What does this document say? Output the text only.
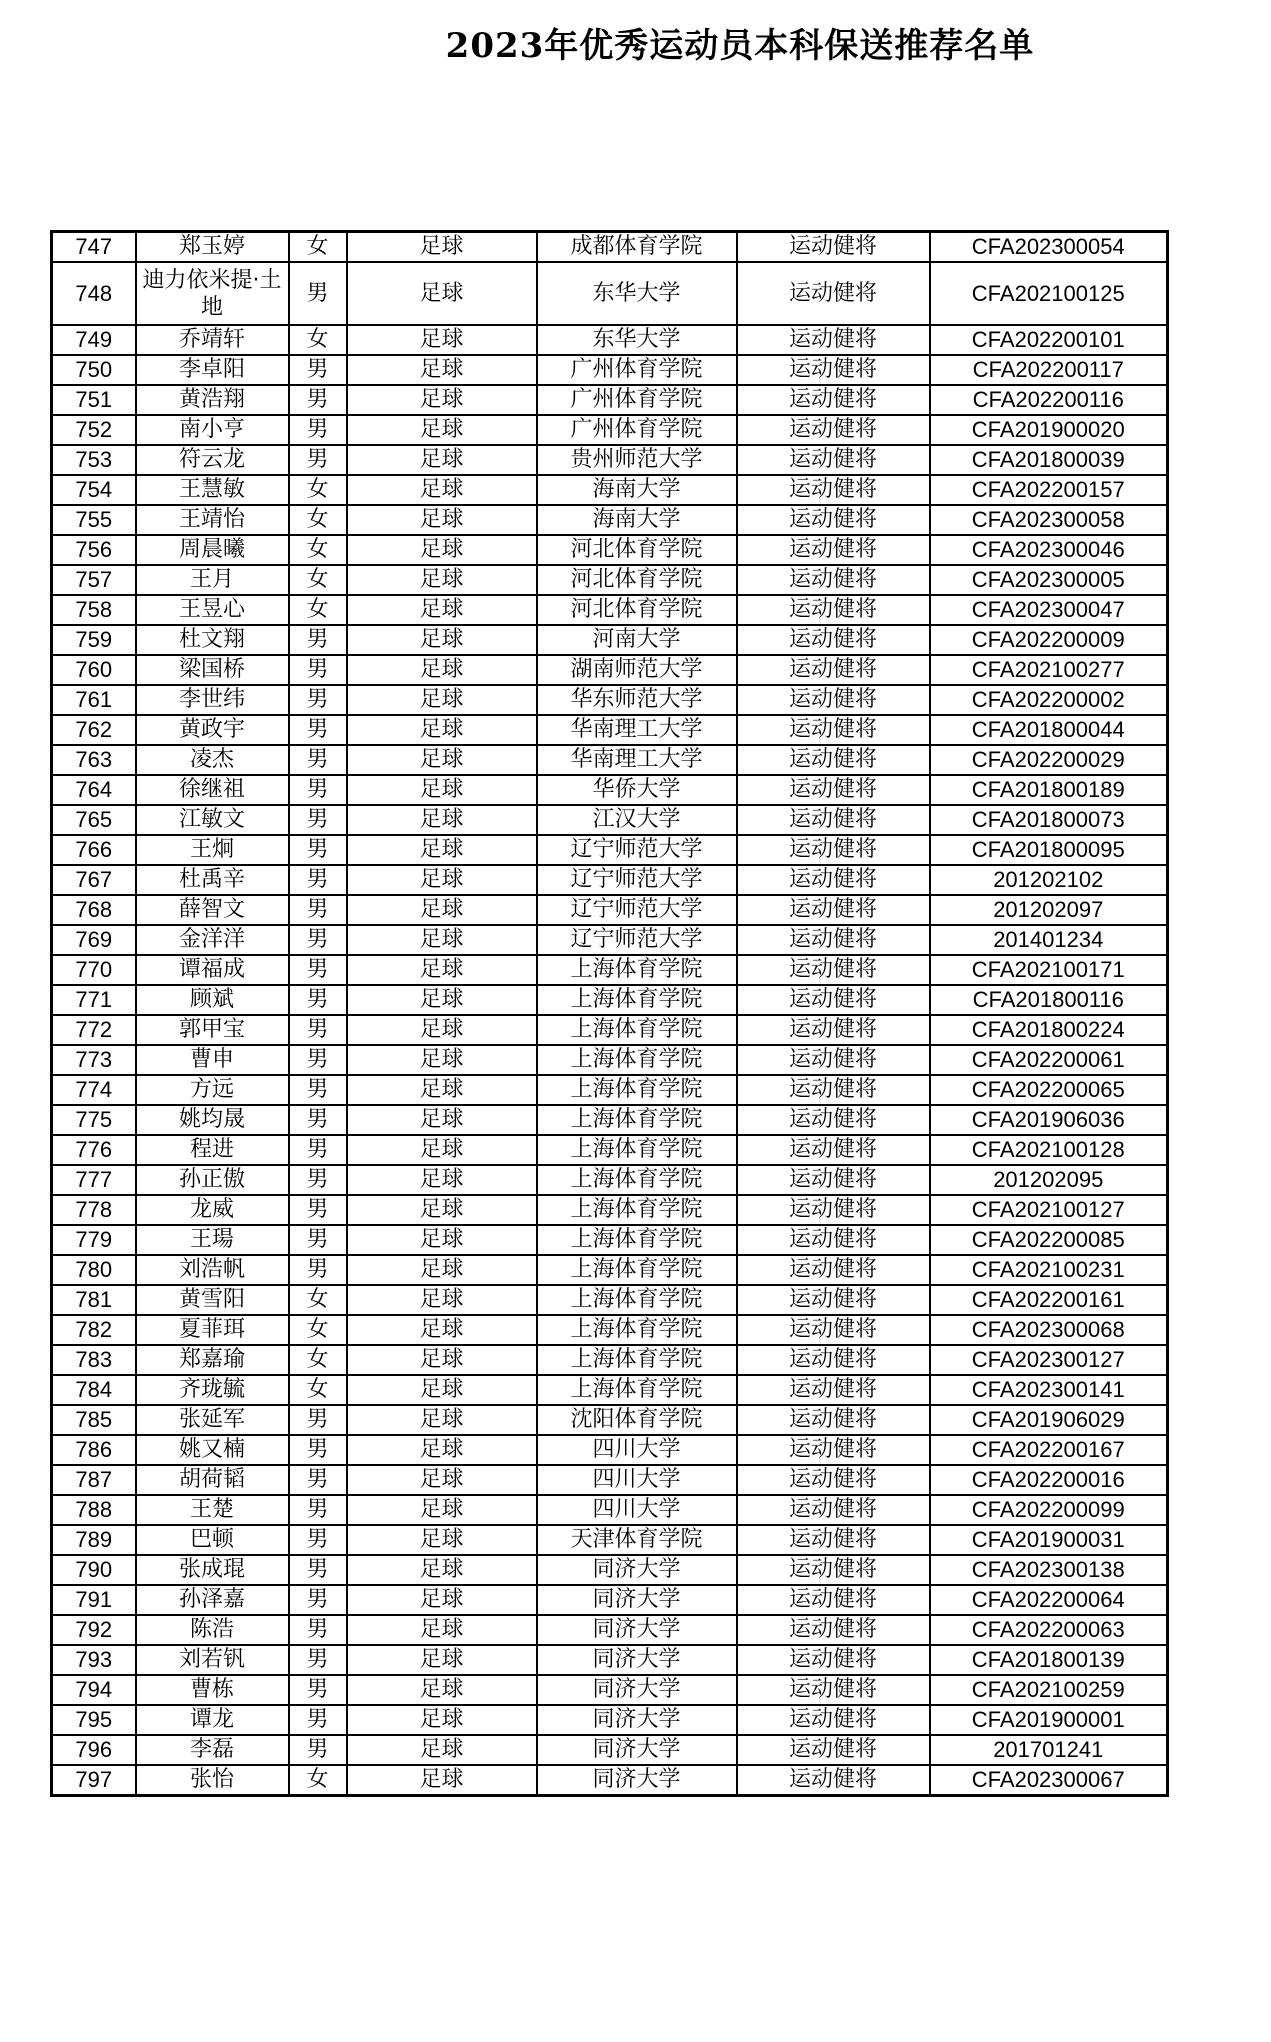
2023年优秀运动员本科保送推荐名单
747	郑玉婷	女	足球	成都体育学院	运动健将	CFA202300054
748	迪力依米提·土地	男	足球	东华大学	运动健将	CFA202100125
749	乔靖轩	女	足球	东华大学	运动健将	CFA202200101
750	李卓阳	男	足球	广州体育学院	运动健将	CFA202200117
751	黄浩翔	男	足球	广州体育学院	运动健将	CFA202200116
752	南小亨	男	足球	广州体育学院	运动健将	CFA201900020
753	符云龙	男	足球	贵州师范大学	运动健将	CFA201800039
754	王慧敏	女	足球	海南大学	运动健将	CFA202200157
755	王靖怡	女	足球	海南大学	运动健将	CFA202300058
756	周晨曦	女	足球	河北体育学院	运动健将	CFA202300046
757	王月	女	足球	河北体育学院	运动健将	CFA202300005
758	王昱心	女	足球	河北体育学院	运动健将	CFA202300047
759	杜文翔	男	足球	河南大学	运动健将	CFA202200009
760	梁国桥	男	足球	湖南师范大学	运动健将	CFA202100277
761	李世纬	男	足球	华东师范大学	运动健将	CFA202200002
762	黄政宇	男	足球	华南理工大学	运动健将	CFA201800044
763	凌杰	男	足球	华南理工大学	运动健将	CFA202200029
764	徐继祖	男	足球	华侨大学	运动健将	CFA201800189
765	江敏文	男	足球	江汉大学	运动健将	CFA201800073
766	王炯	男	足球	辽宁师范大学	运动健将	CFA201800095
767	杜禹辛	男	足球	辽宁师范大学	运动健将	201202102
768	薛智文	男	足球	辽宁师范大学	运动健将	201202097
769	金洋洋	男	足球	辽宁师范大学	运动健将	201401234
770	谭福成	男	足球	上海体育学院	运动健将	CFA202100171
771	顾斌	男	足球	上海体育学院	运动健将	CFA201800116
772	郭甲宝	男	足球	上海体育学院	运动健将	CFA201800224
773	曹申	男	足球	上海体育学院	运动健将	CFA202200061
774	方远	男	足球	上海体育学院	运动健将	CFA202200065
775	姚均晟	男	足球	上海体育学院	运动健将	CFA201906036
776	程进	男	足球	上海体育学院	运动健将	CFA202100128
777	孙正傲	男	足球	上海体育学院	运动健将	201202095
778	龙威	男	足球	上海体育学院	运动健将	CFA202100127
779	王瑒	男	足球	上海体育学院	运动健将	CFA202200085
780	刘浩帆	男	足球	上海体育学院	运动健将	CFA202100231
781	黄雪阳	女	足球	上海体育学院	运动健将	CFA202200161
782	夏菲珥	女	足球	上海体育学院	运动健将	CFA202300068
783	郑嘉瑜	女	足球	上海体育学院	运动健将	CFA202300127
784	齐珑毓	女	足球	上海体育学院	运动健将	CFA202300141
785	张延军	男	足球	沈阳体育学院	运动健将	CFA201906029
786	姚又楠	男	足球	四川大学	运动健将	CFA202200167
787	胡荷韬	男	足球	四川大学	运动健将	CFA202200016
788	王楚	男	足球	四川大学	运动健将	CFA202200099
789	巴顿	男	足球	天津体育学院	运动健将	CFA201900031
790	张成琨	男	足球	同济大学	运动健将	CFA202300138
791	孙泽嘉	男	足球	同济大学	运动健将	CFA202200064
792	陈浩	男	足球	同济大学	运动健将	CFA202200063
793	刘若钒	男	足球	同济大学	运动健将	CFA201800139
794	曹栋	男	足球	同济大学	运动健将	CFA202100259
795	谭龙	男	足球	同济大学	运动健将	CFA201900001
796	李磊	男	足球	同济大学	运动健将	201701241
797	张怡	女	足球	同济大学	运动健将	CFA202300067
